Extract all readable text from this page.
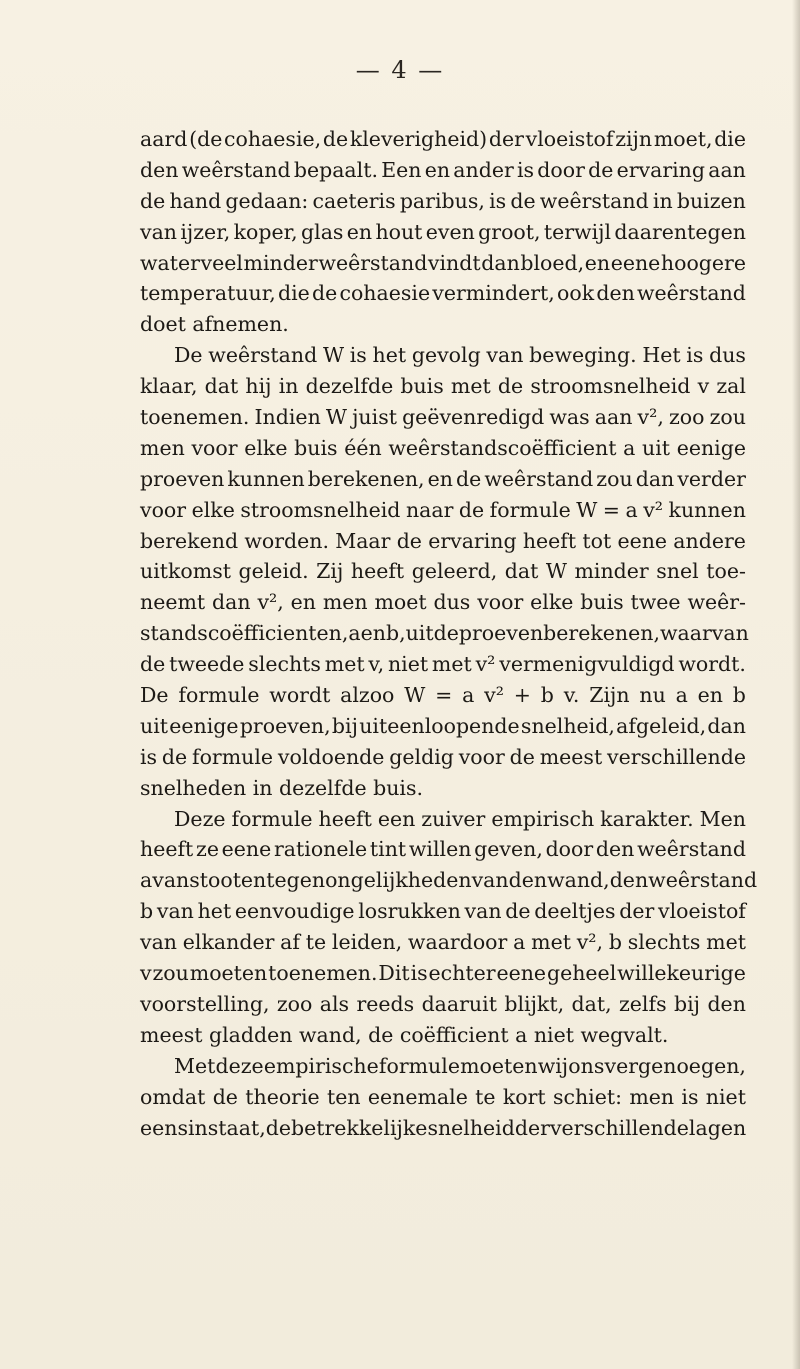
— 4 —
aard (de cohaesie, de kleverigheid) der vloeistof zijn moet, die
den weêrstand bepaalt. Een en ander is door de ervaring aan
de hand gedaan: caeteris paribus, is de weêrstand in buizen
van ijzer, koper, glas en hout even groot, terwijl daarentegen
water veel minder weêrstand vindt dan bloed, en eene hoogere
temperatuur, die de cohaesie vermindert, ook den weêrstand
doet afnemen.
De weêrstand W is het gevolg van beweging. Het is dus
klaar, dat hij in dezelfde buis met de stroomsnelheid v zal
toenemen. Indien W juist geëvenredigd was aan v², zoo zou
men voor elke buis één weêrstandscoëfficient a uit eenige
proeven kunnen berekenen, en de weêrstand zou dan verder
voor elke stroomsnelheid naar de formule W = a v² kunnen
berekend worden. Maar de ervaring heeft tot eene andere
uitkomst geleid. Zij heeft geleerd, dat W minder snel toe-
neemt dan v², en men moet dus voor elke buis twee weêr-
standscoëfficienten, a en b, uit de proeven berekenen, waarvan
de tweede slechts met v, niet met v² vermenigvuldigd wordt.
De formule wordt alzoo W = a v² + b v. Zijn nu a en b
uit eenige proeven, bij uiteenloopende snelheid, afgeleid, dan
is de formule voldoende geldig voor de meest verschillende
snelheden in dezelfde buis.
Deze formule heeft een zuiver empirisch karakter. Men
heeft ze eene rationele tint willen geven, door den weêrstand
a van stooten tegen ongelijkheden van den wand, den weêrstand
b van het eenvoudige losrukken van de deeltjes der vloeistof
van elkander af te leiden, waardoor a met v², b slechts met
v zou moeten toenemen. Dit is echter eene geheel willekeurige
voorstelling, zoo als reeds daaruit blijkt, dat, zelfs bij den
meest gladden wand, de coëfficient a niet wegvalt.
Met deze empirische formule moeten wij ons vergenoegen,
omdat de theorie ten eenemale te kort schiet: men is niet
eens in staat, de betrekkelijke snelheid der verschillende lagen
